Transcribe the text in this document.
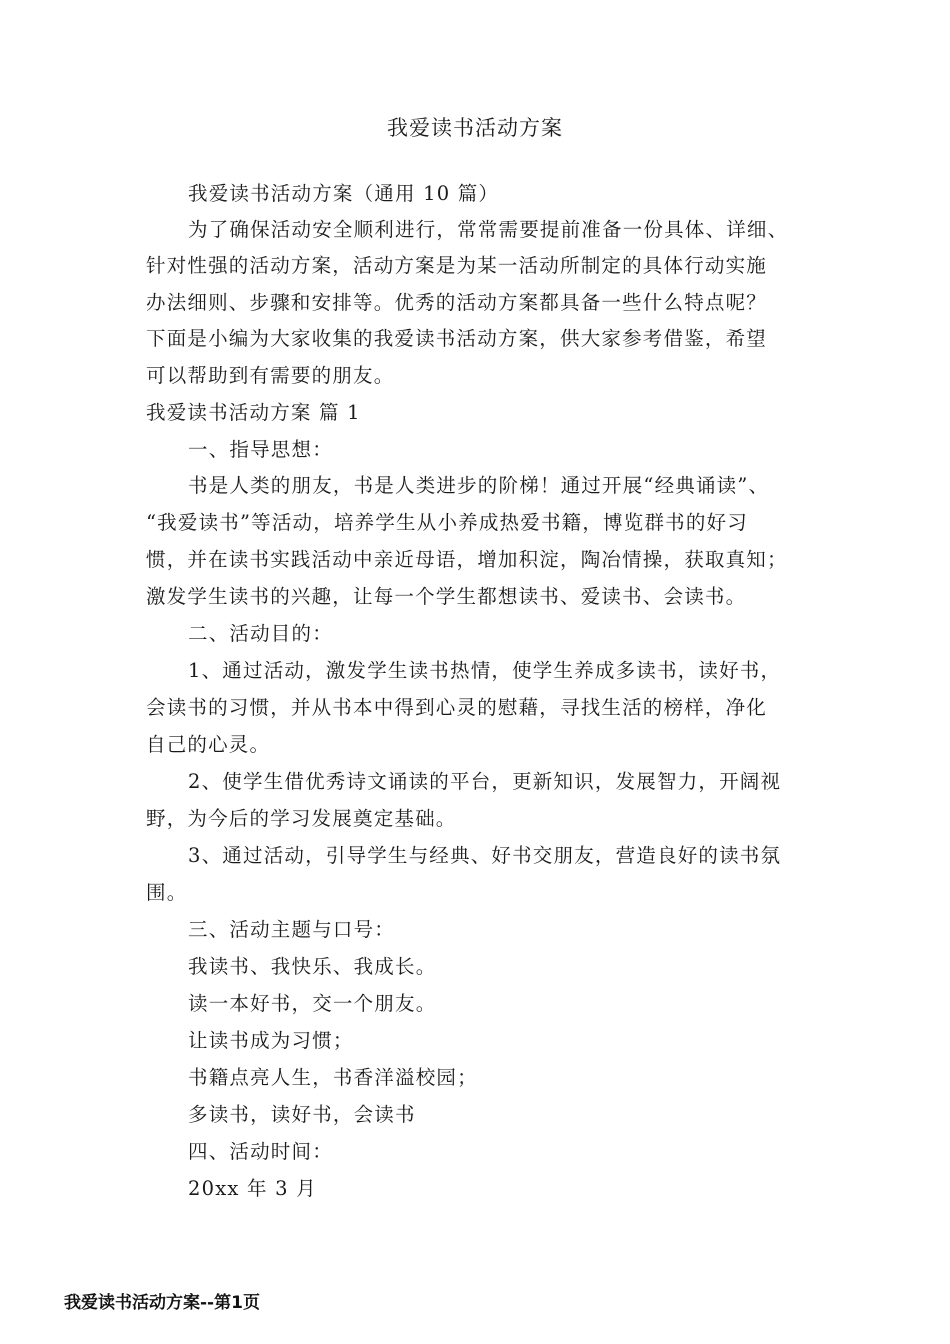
我爱读书活动方案
我爱读书活动方案（通用 10 篇）
为了确保活动安全顺利进行，常常需要提前准备一份具体、详细、
针对性强的活动方案，活动方案是为某一活动所制定的具体行动实施
办法细则、步骤和安排等。优秀的活动方案都具备一些什么特点呢？
下面是小编为大家收集的我爱读书活动方案，供大家参考借鉴，希望
可以帮助到有需要的朋友。
我爱读书活动方案 篇 1
一、指导思想：
书是人类的朋友，书是人类进步的阶梯！通过开展“经典诵读”、
“我爱读书”等活动，培养学生从小养成热爱书籍，博览群书的好习
惯，并在读书实践活动中亲近母语，增加积淀，陶冶情操，获取真知；
激发学生读书的兴趣，让每一个学生都想读书、爱读书、会读书。
二、活动目的：
1、通过活动，激发学生读书热情，使学生养成多读书，读好书，
会读书的习惯，并从书本中得到心灵的慰藉，寻找生活的榜样，净化
自己的心灵。
2、使学生借优秀诗文诵读的平台，更新知识，发展智力，开阔视
野，为今后的学习发展奠定基础。
3、通过活动，引导学生与经典、好书交朋友，营造良好的读书氛
围。
三、活动主题与口号：
我读书、我快乐、我成长。
读一本好书，交一个朋友。
让读书成为习惯；
书籍点亮人生，书香洋溢校园；
多读书，读好书，会读书
四、活动时间：
20xx 年 3 月
我爱读书活动方案--第1页
